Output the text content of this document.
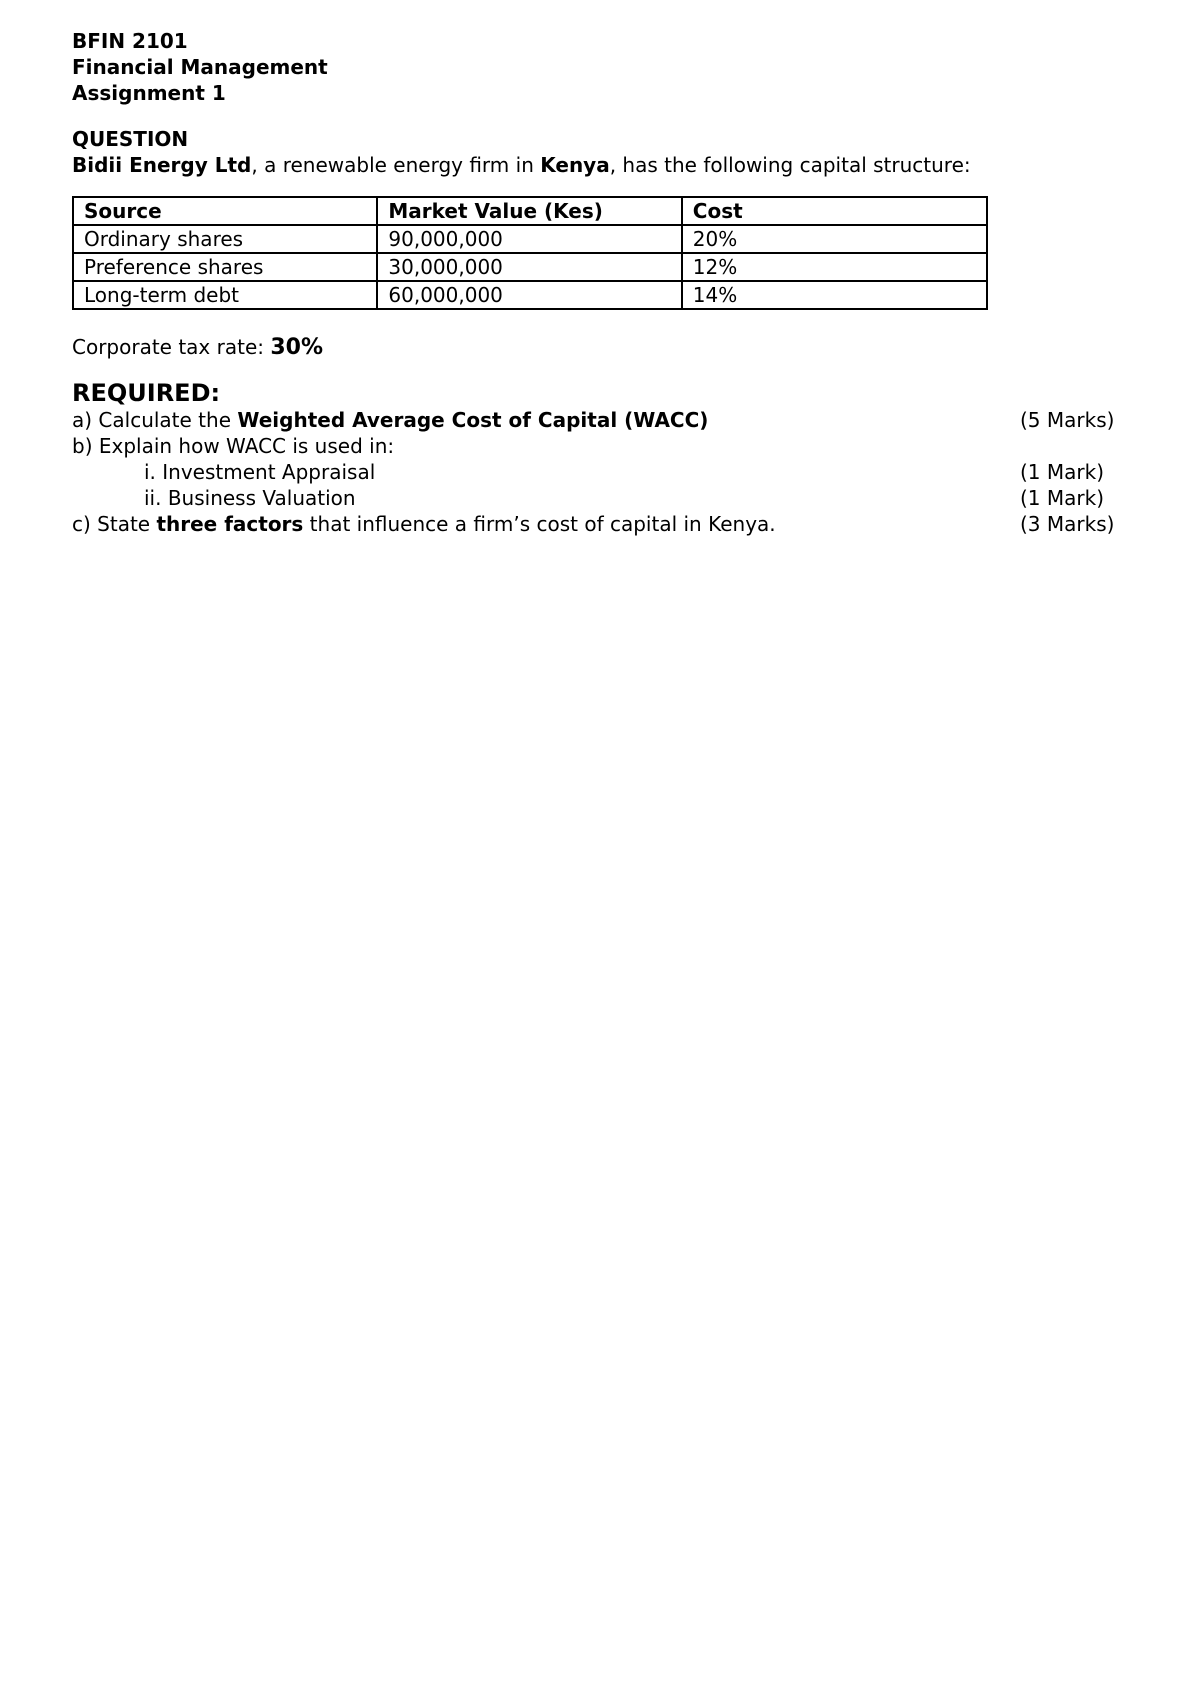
BFIN 2101
Financial Management
Assignment 1
QUESTION
Bidii Energy Ltd, a renewable energy firm in Kenya, has the following capital structure:
Source	Market Value (Kes)	Cost
Ordinary shares	90,000,000	20%
Preference shares	30,000,000	12%
Long-term debt	60,000,000	14%
Corporate tax rate: 30%
REQUIRED:
a) Calculate the Weighted Average Cost of Capital (WACC)	(5 Marks)
b) Explain how WACC is used in:
i. Investment Appraisal	(1 Mark)
ii. Business Valuation	(1 Mark)
c) State three factors that influence a firm’s cost of capital in Kenya.	(3 Marks)
